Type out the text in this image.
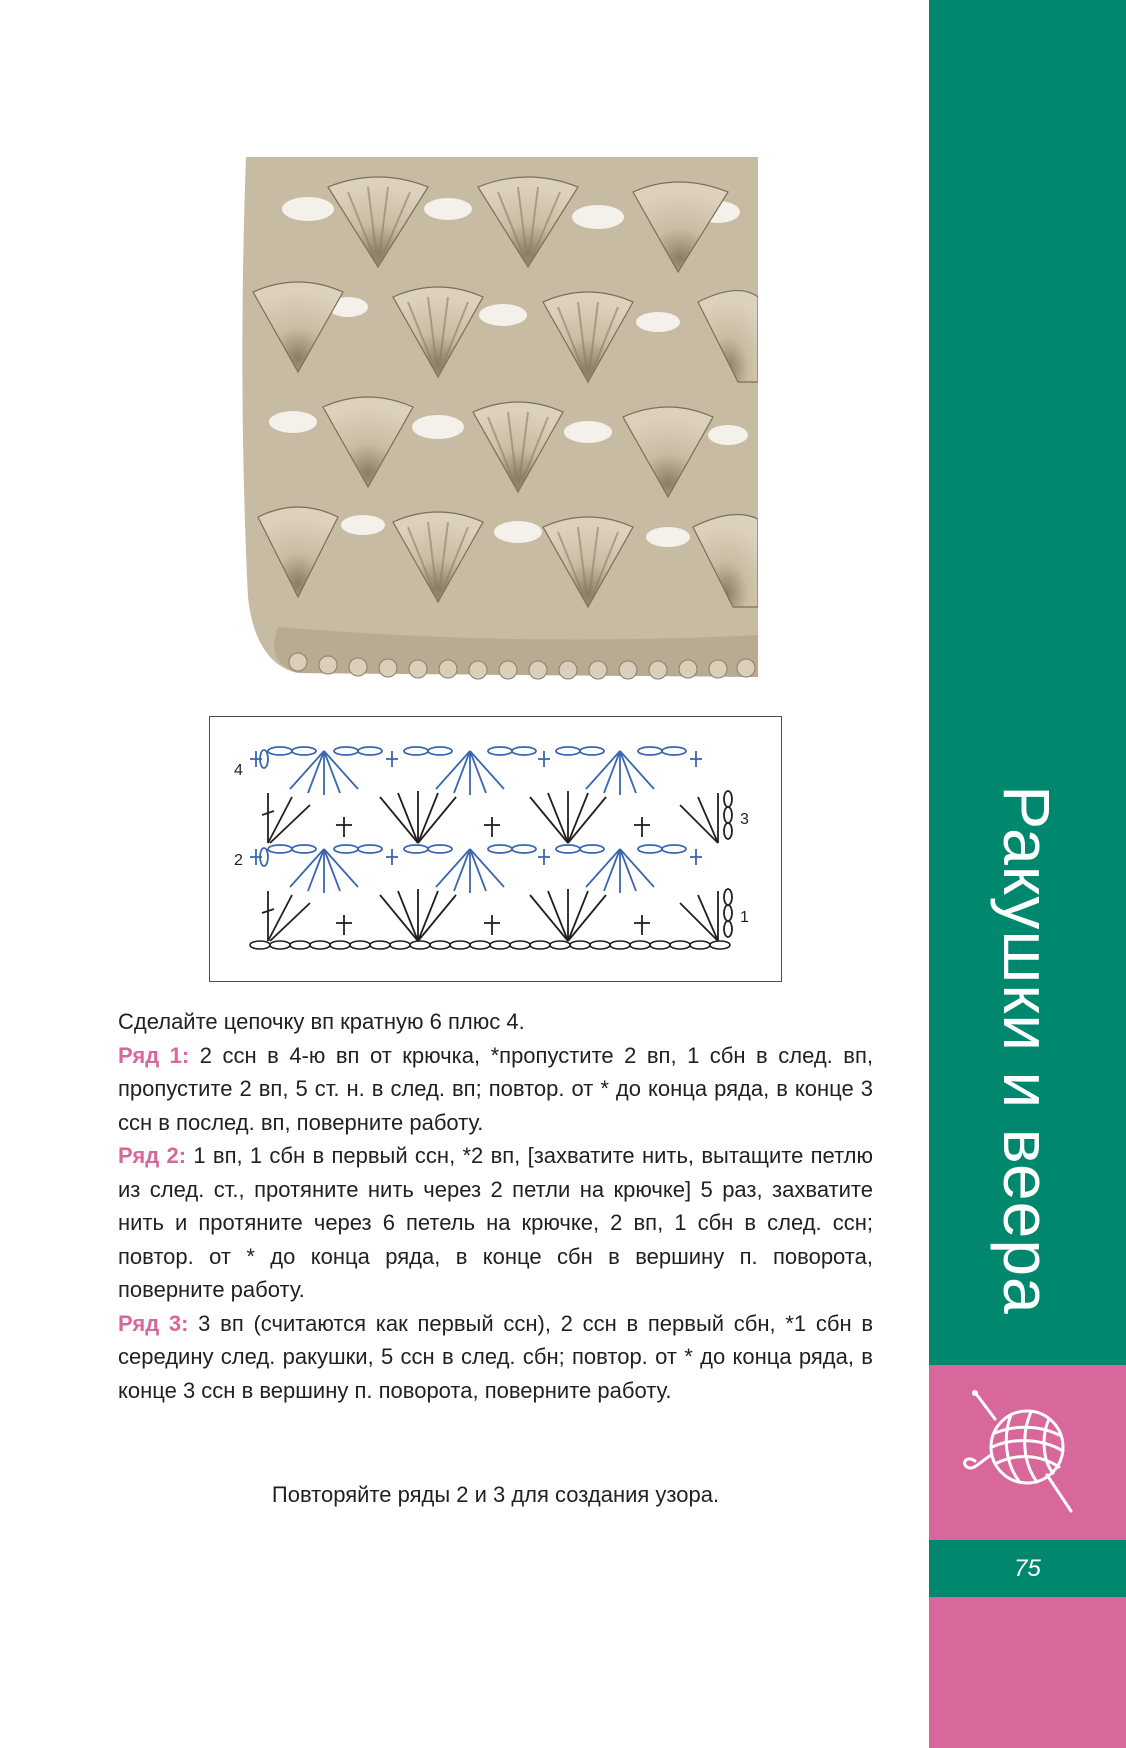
Ракушки и веера
75
1
2
3
4

Сделайте цепочку вп кратную 6 плюс 4.

Ряд 1: 2 ссн в 4-ю вп от крючка, *пропустите 2 вп, 1 сбн в след. вп, пропустите 2 вп, 5 ст. н. в след. вп; повтор. от * до конца ряда, в конце 3 ссн в послед. вп, поверните работу.

Ряд 2: 1 вп, 1 сбн в первый ссн, *2 вп, [захватите нить, вытащите петлю из след. ст., протяните нить через 2 петли на крючке] 5 раз, захватите нить и протяните через 6 петель на крючке, 2 вп, 1 сбн в след. ссн; повтор. от * до конца ряда, в конце сбн в вершину п. поворота, поверните работу.

Ряд 3: 3 вп (считаются как первый ссн), 2 ссн в первый сбн, *1 сбн в середину след. ракушки, 5 ссн в след. сбн; повтор. от * до конца ряда, в конце 3 ссн в вершину п. поворота, поверните работу.

Повторяйте ряды 2 и 3 для создания узора.
